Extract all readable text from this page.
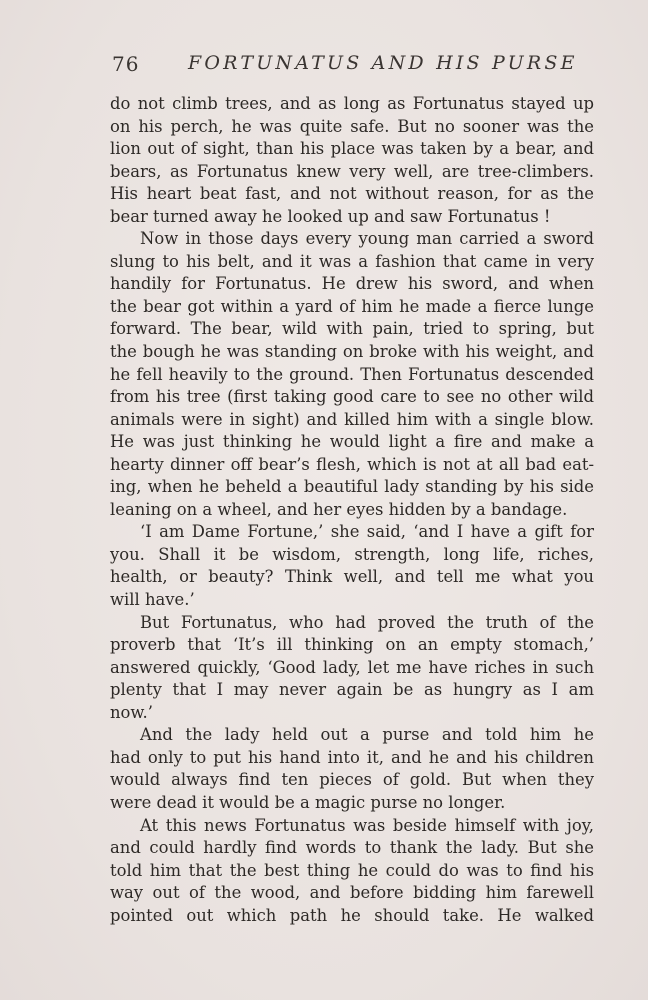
76	FORTUNATUS AND HIS PURSE
do not climb trees, and as long as Fortunatus stayed up
on his perch, he was quite safe. But no sooner was the
lion out of sight, than his place was taken by a bear, and
bears, as Fortunatus knew very well, are tree-climbers.
His heart beat fast, and not without reason, for as the
bear turned away he looked up and saw Fortunatus !
Now in those days every young man carried a sword
slung to his belt, and it was a fashion that came in very
handily for Fortunatus. He drew his sword, and when
the bear got within a yard of him he made a fierce lunge
forward. The bear, wild with pain, tried to spring, but
the bough he was standing on broke with his weight, and
he fell heavily to the ground. Then Fortunatus descended
from his tree (first taking good care to see no other wild
animals were in sight) and killed him with a single blow.
He was just thinking he would light a fire and make a
hearty dinner off bear’s flesh, which is not at all bad eat-
ing, when he beheld a beautiful lady standing by his side
leaning on a wheel, and her eyes hidden by a bandage.
‘I am Dame Fortune,’ she said, ‘and I have a gift for
you. Shall it be wisdom, strength, long life, riches,
health, or beauty? Think well, and tell me what you
will have.’
But Fortunatus, who had proved the truth of the
proverb that ‘It’s ill thinking on an empty stomach,’
answered quickly, ‘Good lady, let me have riches in such
plenty that I may never again be as hungry as I am
now.’
And the lady held out a purse and told him he
had only to put his hand into it, and he and his children
would always find ten pieces of gold. But when they
were dead it would be a magic purse no longer.
At this news Fortunatus was beside himself with joy,
and could hardly find words to thank the lady. But she
told him that the best thing he could do was to find his
way out of the wood, and before bidding him farewell
pointed out which path he should take. He walked
